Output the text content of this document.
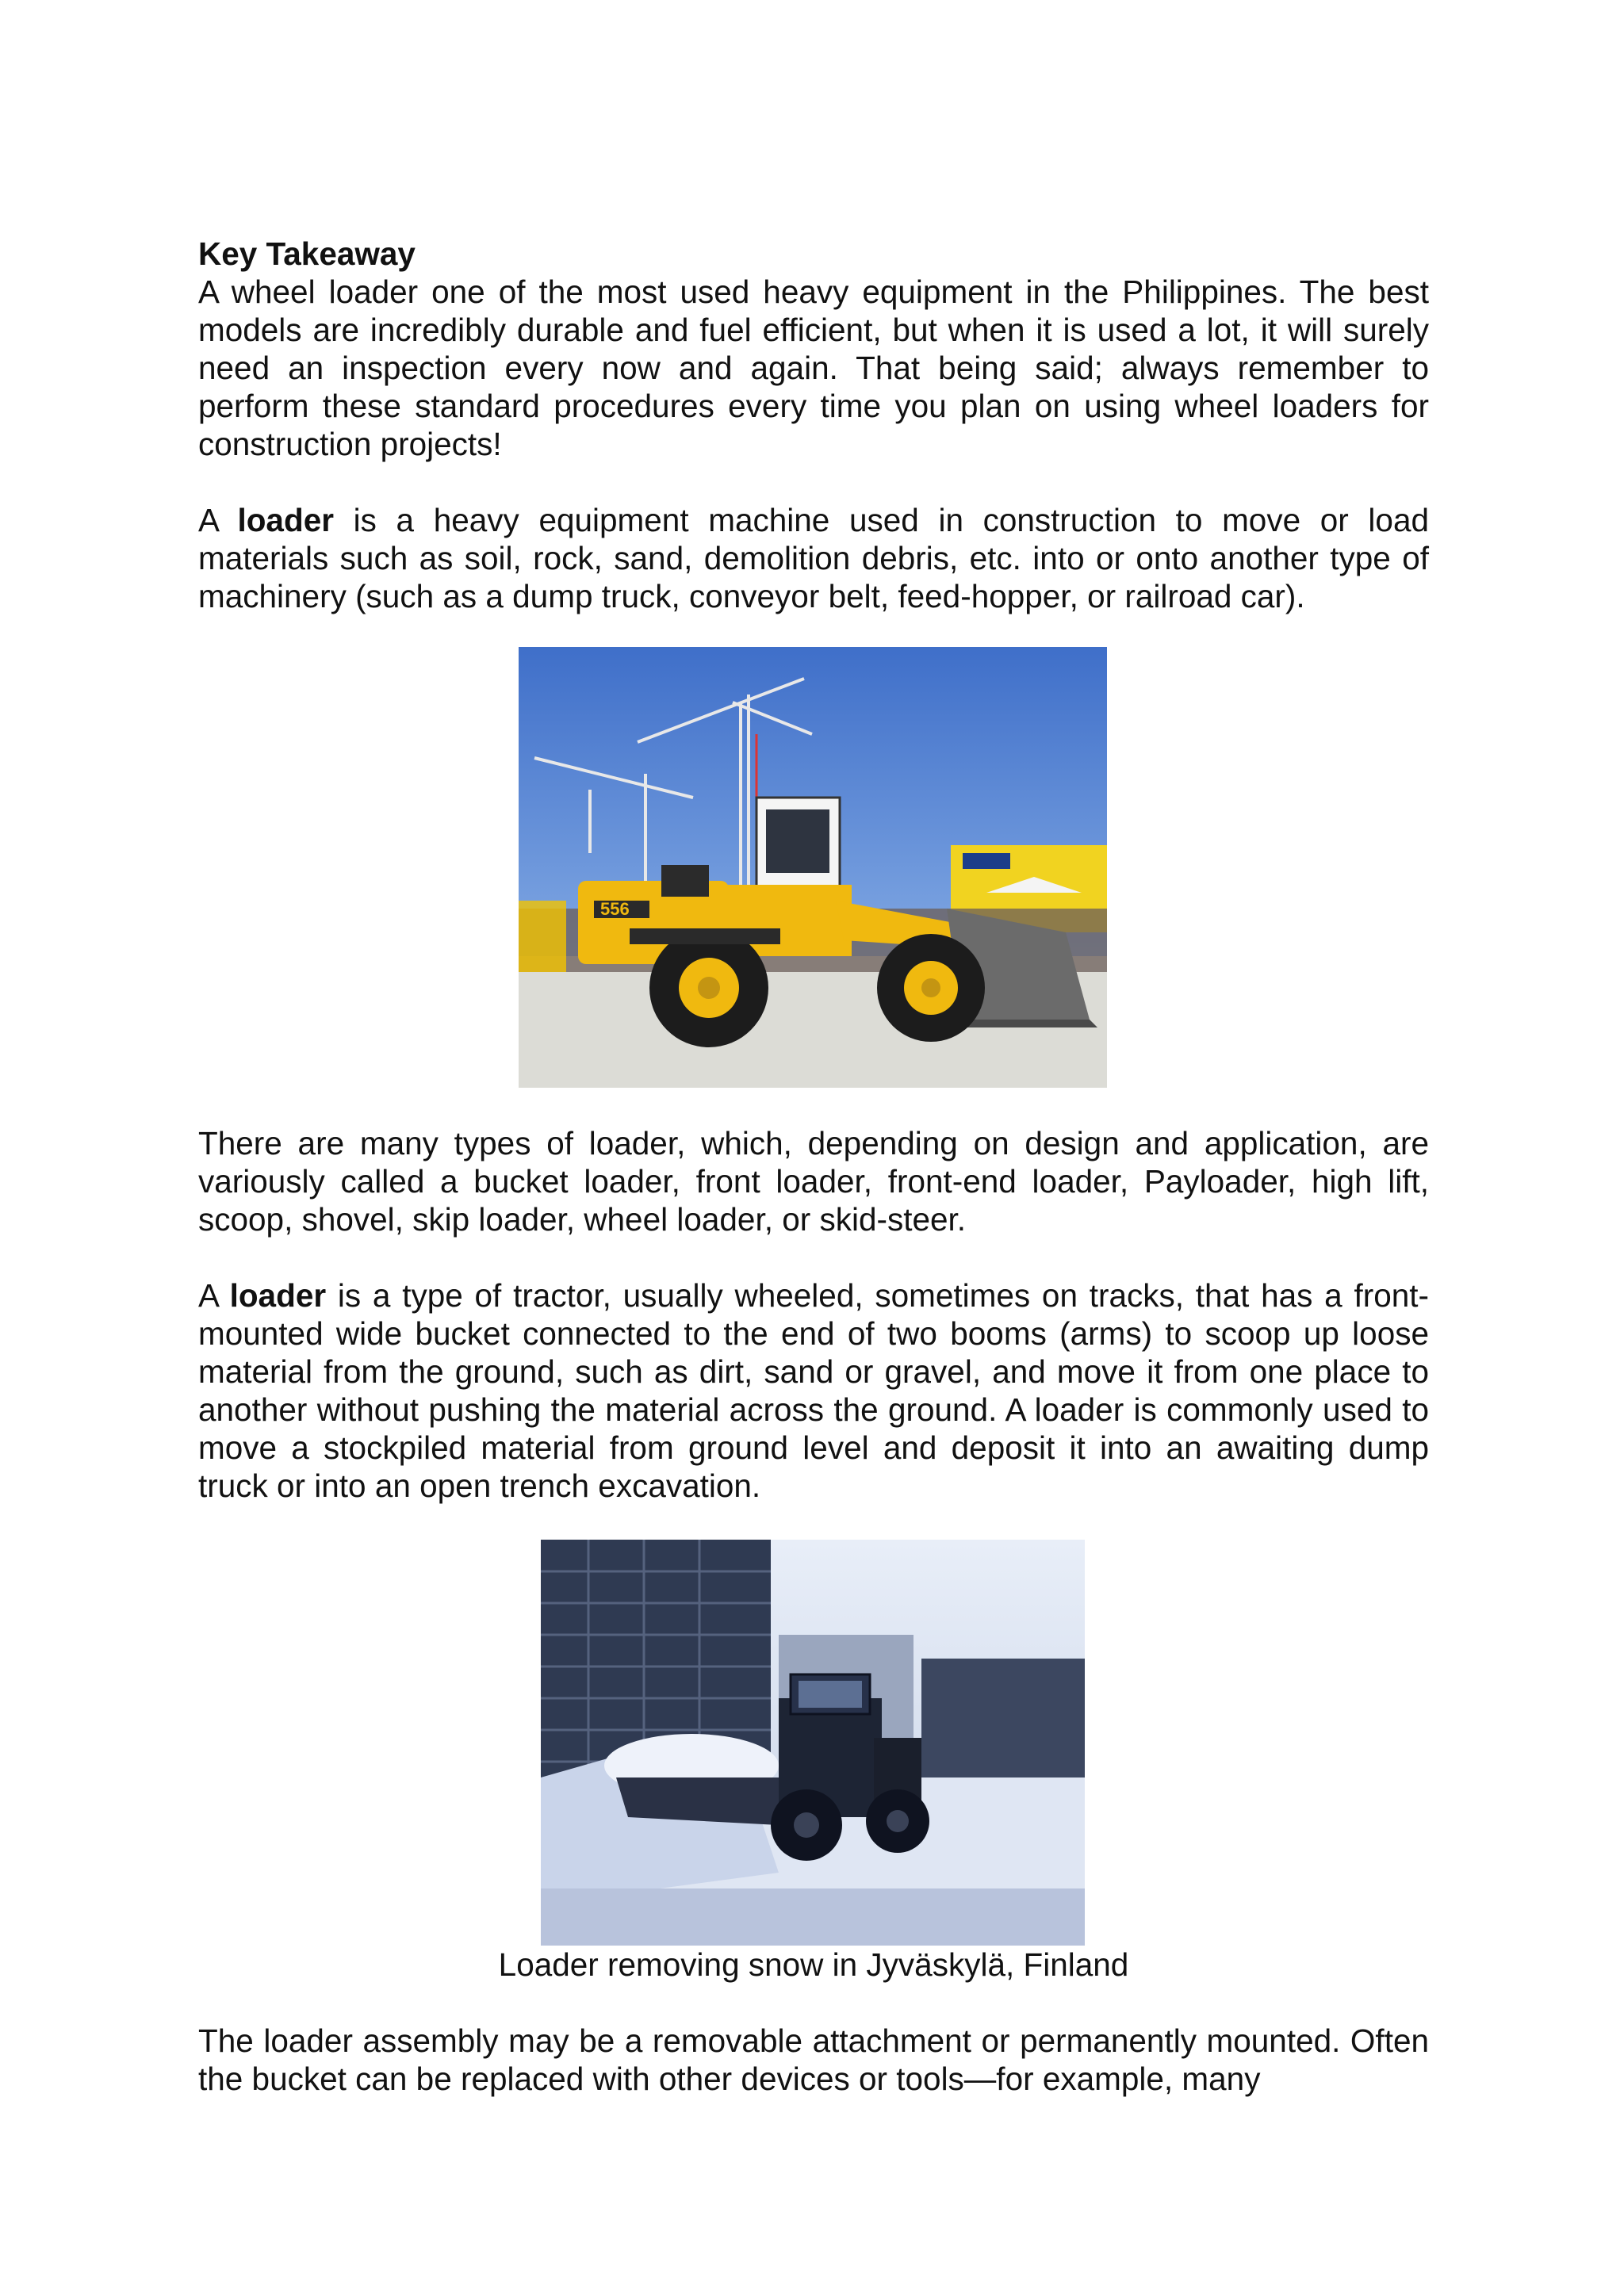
Key Takeaway

A wheel loader one of the most used heavy equipment in the Philippines. The best models are incredibly durable and fuel efficient, but when it is used a lot, it will surely need an inspection every now and again. That being said; always remember to perform these standard procedures every time you plan on using wheel loaders for construction projects!

A loader is a heavy equipment machine used in construction to move or load materials such as soil, rock, sand, demolition debris, etc. into or onto another type of machinery (such as a dump truck, conveyor belt, feed-hopper, or railroad car).

556

There are many types of loader, which, depending on design and application, are variously called a bucket loader, front loader, front-end loader, Payloader, high lift, scoop, shovel, skip loader, wheel loader, or skid-steer.

A loader is a type of tractor, usually wheeled, sometimes on tracks, that has a front-mounted wide bucket connected to the end of two booms (arms) to scoop up loose material from the ground, such as dirt, sand or gravel, and move it from one place to another without pushing the material across the ground. A loader is commonly used to move a stockpiled material from ground level and deposit it into an awaiting dump truck or into an open trench excavation.

Loader removing snow in Jyväskylä, Finland

The loader assembly may be a removable attachment or permanently mounted. Often the bucket can be replaced with other devices or tools—for example, many
